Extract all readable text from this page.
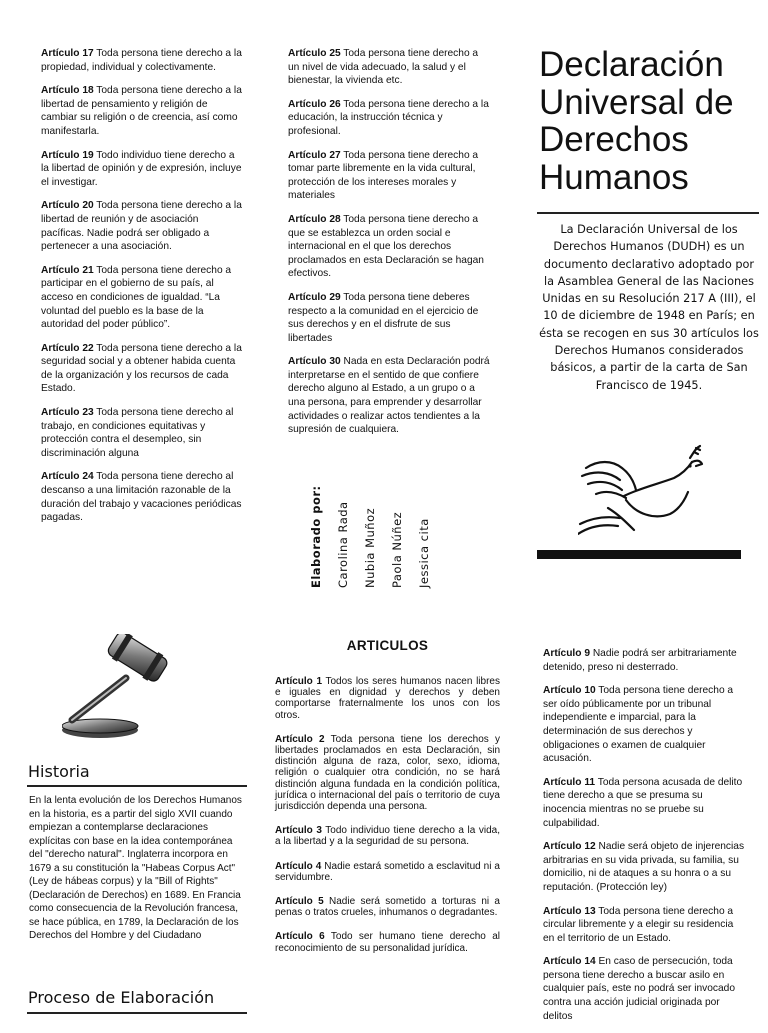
Artículo 17 Toda persona tiene derecho a la propiedad, individual y colectivamente.

Artículo 18 Toda persona tiene derecho a la libertad de pensamiento y religión de cambiar su religión o de creencia, así como manifestarla.

Artículo 19 Todo individuo tiene derecho a la libertad de opinión y de expresión, incluye el investigar.

Artículo 20 Toda persona tiene derecho a la libertad de reunión y de asociación pacíficas. Nadie podrá ser obligado a pertenecer a una asociación.

Artículo 21 Toda persona tiene derecho a participar en el gobierno de su país, al acceso en condiciones de igualdad. “La voluntad del pueblo es la base de la autoridad del poder público”.

Artículo 22 Toda persona tiene derecho a la seguridad social y a obtener habida cuenta de la organización y los recursos de cada Estado.

Artículo 23 Toda persona tiene derecho al trabajo, en condiciones equitativas y protección contra el desempleo, sin discriminación alguna

Artículo 24 Toda persona tiene derecho al descanso a una limitación razonable de la duración del trabajo y vacaciones periódicas pagadas.

Artículo 25 Toda persona tiene derecho a un nivel de vida adecuado, la salud y el bienestar, la vivienda etc.

Artículo 26 Toda persona tiene derecho a la educación, la instrucción técnica y profesional.

Artículo 27 Toda persona tiene derecho a tomar parte libremente en la vida cultural, protección de los intereses morales y materiales

Artículo 28 Toda persona tiene derecho a que se establezca un orden social e internacional en el que los derechos proclamados en esta Declaración se hagan efectivos.

Artículo 29 Toda persona tiene deberes respecto a la comunidad en el ejercicio de sus derechos y en el disfrute de sus libertades

Artículo 30 Nada en esta Declaración podrá interpretarse en el sentido de que confiere derecho alguno al Estado, a un grupo o a una persona, para emprender y desarrollar actividades o realizar actos tendientes a la supresión de cualquiera.

Elaborado por: Carolina Rada Nubia Muñoz Paola Núñez Jessica cita
Declaración Universal de Derechos Humanos
La Declaración Universal de los Derechos Humanos (DUDH) es un documento declarativo adoptado por la Asamblea General de las Naciones Unidas en su Resolución 217 A (III), el 10 de diciembre de 1948 en París; en ésta se recogen en sus 30 artículos los Derechos Humanos considerados básicos, a partir de la carta de San Francisco de 1945.
Historia
En la lenta evolución de los Derechos Humanos en la historia, es a partir del siglo XVII cuando empiezan a contemplarse declaraciones explícitas con base en la idea contemporánea del "derecho natural". Inglaterra incorpora en 1679 a su constitución la "Habeas Corpus Act" (Ley de hábeas corpus) y la "Bill of Rights" (Declaración de Derechos) en 1689. En Francia como consecuencia de la Revolución francesa, se hace pública, en 1789, la Declaración de los Derechos del Hombre y del Ciudadano
Proceso de Elaboración
ARTICULOS

Artículo 1 Todos los seres humanos nacen libres e iguales en dignidad y derechos y deben comportarse fraternalmente los unos con los otros.

Artículo 2 Toda persona tiene los derechos y libertades proclamados en esta Declaración, sin distinción alguna de raza, color, sexo, idioma, religión o cualquier otra condición, no se hará distinción alguna fundada en la condición política, jurídica o internacional del país o territorio de cuya jurisdicción dependa una persona.

Artículo 3 Todo individuo tiene derecho a la vida, a la libertad y a la seguridad de su persona.

Artículo 4 Nadie estará sometido a esclavitud ni a servidumbre.

Artículo 5 Nadie será sometido a torturas ni a penas o tratos crueles, inhumanos o degradantes.

Artículo 6 Todo ser humano tiene derecho al reconocimiento de su personalidad jurídica.

Artículo 9 Nadie podrá ser arbitrariamente detenido, preso ni desterrado.

Artículo 10 Toda persona tiene derecho a ser oído públicamente por un tribunal independiente e imparcial, para la determinación de sus derechos y obligaciones o examen de cualquier acusación.

Artículo 11 Toda persona acusada de delito tiene derecho a que se presuma su inocencia mientras no se pruebe su culpabilidad.

Artículo 12 Nadie será objeto de injerencias arbitrarias en su vida privada, su familia, su domicilio, ni de ataques a su honra o a su reputación. (Protección ley)

Artículo 13 Toda persona tiene derecho a circular libremente y a elegir su residencia en el territorio de un Estado.

Artículo 14 En caso de persecución, toda persona tiene derecho a buscar asilo en cualquier país, este no podrá ser invocado contra una acción judicial originada por delitos
